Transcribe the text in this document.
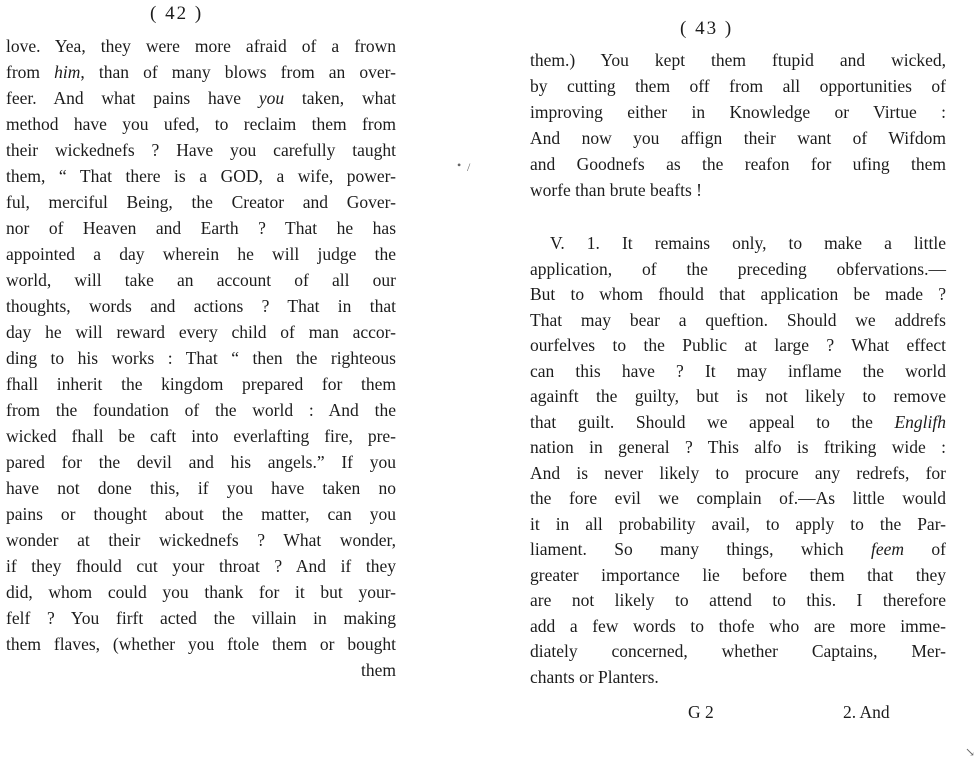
( 42 )

love. Yea, they were more afraid of a frown

from him, than of many blows from an over-

feer. And what pains have you taken, what

method have you ufed, to reclaim them from

their wickednefs ? Have you carefully taught

them, “ That there is a GOD, a wife, power-

ful, merciful Being, the Creator and Gover-

nor of Heaven and Earth ? That he has

appointed a day wherein he will judge the

world, will take an account of all our

thoughts, words and actions ? That in that

day he will reward every child of man accor-

ding to his works : That “ then the righteous

fhall inherit the kingdom prepared for them

from the foundation of the world : And the

wicked fhall be caft into everlafting fire, pre-

pared for the devil and his angels.” If you

have not done this, if you have taken no

pains or thought about the matter, can you

wonder at their wickednefs ? What wonder,

if they fhould cut your throat ? And if they

did, whom could you thank for it but your-

felf ? You firft acted the villain in making

them flaves, (whether you ftole them or bought

them

( 43 )

them.) You kept them ftupid and wicked,

by cutting them off from all opportunities of

improving either in Knowledge or Virtue :

And now you affign their want of Wifdom

and Goodnefs as the reafon for ufing them

worfe than brute beafts !

V. 1. It remains only, to make a little

application, of the preceding obfervations.—

But to whom fhould that application be made ?

That may bear a queftion. Should we addrefs

ourfelves to the Public at large ? What effect

can this have ? It may inflame the world

againft the guilty, but is not likely to remove

that guilt. Should we appeal to the Englifh

nation in general ? This alfo is ftriking wide :

And is never likely to procure any redrefs, for

the fore evil we complain of.—As little would

it in all probability avail, to apply to the Par-

liament. So many things, which feem of

greater importance lie before them that they

are not likely to attend to this. I therefore

add a few words to thofe who are more imme-

diately concerned, whether Captains, Mer-

chants or Planters.

G 2	2. And

• /
↘
